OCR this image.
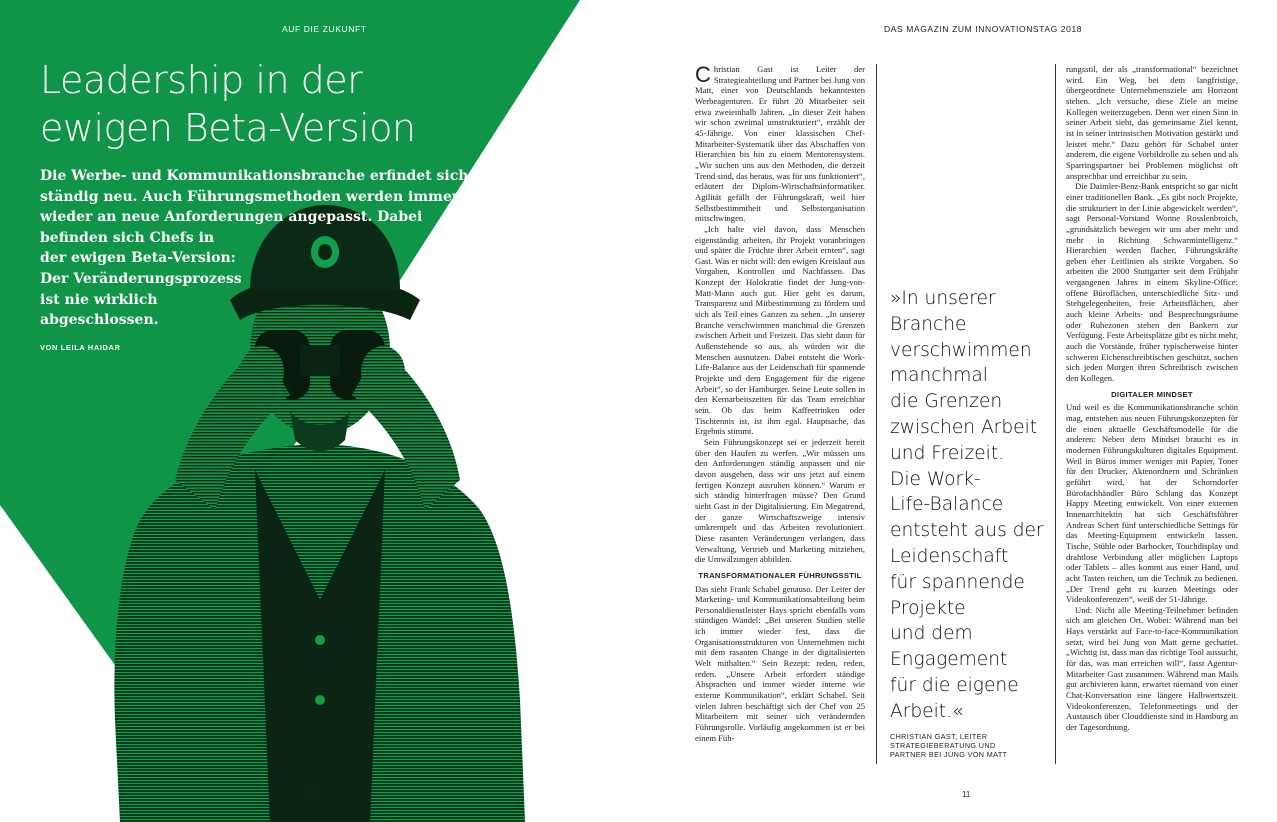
AUF DIE ZUKUNFT
Leadership in der
ewigen Beta-Version
Die Werbe- und Kommunikationsbranche erfindet sich
ständig neu. Auch Führungsmethoden werden immer
wieder an neue Anforderungen angepasst. Dabei
befinden sich Chefs in
der ewigen Beta-Version:
Der Veränderungsprozess
ist nie wirklich
abgeschlossen.
VON LEILA HAIDAR
10
DAS MAGAZIN ZUM INNOVATIONSTAG 2018

Christian Gast ist Leiter der Strategieabteilung und Partner bei Jung von Matt, einer von Deutschlands bekanntesten Werbeagenturen. Er führt 20 Mitarbeiter seit etwa zweieinhalb Jahren. „In dieser Zeit haben wir schon zweimal umstrukturiert“, erzählt der 45-Jährige. Von einer klassischen Chef-Mitarbeiter-Systematik über das Abschaffen von Hierarchien bis hin zu einem Mentorensystem. „Wir suchen uns aus den Methoden, die derzeit Trend sind, das heraus, was für uns funktioniert“, erläutert der Diplom-Wirtschaftsinformatiker. Agilität gefällt der Führungskraft, weil hier Selbstbestimmtheit und Selbstorganisation mitschwingen.

„Ich halte viel davon, dass Menschen eigenständig arbeiten, ihr Projekt voranbringen und später die Früchte ihrer Arbeit ernten“, sagt Gast. Was er nicht will: den ewigen Kreislauf aus Vorgaben, Kontrollen und Nachfassen. Das Konzept der Holokratie findet der Jung-von-Matt-Mann auch gut. Hier geht es darum, Transparenz und Mitbestimmung zu fördern und sich als Teil eines Ganzen zu sehen. „In unserer Branche verschwimmen manchmal die Grenzen zwischen Arbeit und Freizeit. Das sieht dann für Außenstehende so aus, als würden wir die Menschen ausnutzen. Dabei entsteht die Work-Life-Balance aus der Leidenschaft für spannende Projekte und dem Engagement für die eigene Arbeit“, so der Hamburger. Seine Leute sollen in den Kernarbeitszeiten für das Team erreichbar sein. Ob das beim Kaffeetrinken oder Tischtennis ist, ist ihm egal. Hauptsache, das Ergebnis stimmt.

Sein Führungskonzept sei er jederzeit bereit über den Haufen zu werfen. „Wir müssen uns den Anforderungen ständig anpassen und nie davon ausgehen, dass wir uns jetzt auf einem fertigen Konzept ausruhen können.“ Warum er sich ständig hinterfragen müsse? Den Grund sieht Gast in der Digitalisierung. Ein Megatrend, der ganze Wirtschaftszweige intensiv umkrempelt und das Arbeiten revolutioniert. Diese rasanten Veränderungen verlangen, dass Verwaltung, Vertrieb und Marketing mitziehen, die Umwälzungen abbilden.

TRANSFORMATIONALER FÜHRUNGSSTIL

Das sieht Frank Schabel genauso. Der Leiter der Marketing- und Kommunikationsabteilung beim Personaldienstleister Hays spricht ebenfalls vom ständigen Wandel: „Bei unseren Studien stelle ich immer wieder fest, dass die Organisationsstrukturen von Unternehmen nicht mit dem rasanten Change in der digitalisierten Welt mithalten.“ Sein Rezept: reden, reden, reden. „Unsere Arbeit erfordert ständige Absprachen und immer wieder interne wie externe Kommunikation“, erklärt Schabel. Seit vielen Jahren beschäftigt sich der Chef von 25 Mitarbeitern mit seiner sich verändernden Führungsrolle. Vorläufig angekommen ist er bei einem Füh-

»In unserer
Branche
verschwimmen
manchmal
die Grenzen
zwischen Arbeit
und Freizeit.
Die Work-
Life-Balance
entsteht aus der
Leidenschaft
für spannende
Projekte
und dem
Engagement
für die eigene
Arbeit.«
CHRISTIAN GAST, LEITER
STRATEGIEBERATUNG UND
PARTNER BEI JUNG VON MATT

rungsstil, der als „transformational“ bezeichnet wird. Ein Weg, bei dem langfristige, übergeordnete Unternehmensziele am Horizont stehen. „Ich versuche, diese Ziele an meine Kollegen weiterzugeben. Denn wer einen Sinn in seiner Arbeit sieht, das gemeinsame Ziel kennt, ist in seiner intrinsischen Motivation gestärkt und leistet mehr.“ Dazu gehört für Schabel unter anderem, die eigene Vorbildrolle zu sehen und als Sparringspartner bei Problemen möglichst oft ansprechbar und erreichbar zu sein.

Die Daimler-Benz-Bank entspricht so gar nicht einer traditionellen Bank. „Es gibt noch Projekte, die strukturiert in der Linie abgewickelt werden“, sagt Personal-Vorstand Wonne Rosslenbroich, „grundsätzlich bewegen wir uns aber mehr und mehr in Richtung Schwarmintelligenz.“ Hierarchien werden flacher, Führungskräfte geben eher Leitlinien als strikte Vorgaben. So arbeiten die 2000 Stuttgarter seit dem Frühjahr vergangenen Jahres in einem Skyline-Office: offene Büroflächen, unterschiedliche Sitz- und Stehgelegenheiten, freie Arbeitsflächen, aber auch kleine Arbeits- und Besprechungsräume oder Ruhezonen stehen den Bankern zur Verfügung. Feste Arbeitsplätze gibt es nicht mehr, auch die Vorstände, früher typischerweise hinter schweren Eichenschreibtischen geschützt, suchen sich jeden Morgen ihren Schreibtisch zwischen den Kollegen.

DIGITALER MINDSET

Und weil es die Kommunikationsbranche schön mag, entstehen aus neuen Führungskonzepten für die einen aktuelle Geschäftsmodelle für die anderen: Neben dem Mindset braucht es in modernen Führungskulturen digitales Equipment. Weil in Büros immer weniger mit Papier, Toner für den Drucker, Aktenordnern und Schränken geführt wird, hat der Schorndorfer Bürofachhändler Büro Schlang das Konzept Happy Meeting entwickelt. Von einer externen Innenarchitektin hat sich Geschäftsführer Andreas Schert fünf unterschiedliche Settings für das Meeting-Equipment entwickeln lassen. Tische, Stühle oder Barhocker, Touchdisplay und drahtlose Verbindung aller möglichen Laptops oder Tablets – alles kommt aus einer Hand, und acht Tasten reichen, um die Technik zu bedienen. „Der Trend geht zu kurzen Meetings oder Videokonferenzen“, weiß der 51-Jährige.

Und: Nicht alle Meeting-Teilnehmer befinden sich am gleichen Ort. Wobei: Während man bei Hays verstärkt auf Face-to-face-Kommunikation setzt, wird bei Jung von Matt gerne gechattet. „Wichtig ist, dass man das richtige Tool aussucht, für das, was man erreichen will“, fasst Agentur-Mitarbeiter Gast zusammen. Während man Mails gut archivieren kann, erwartet niemand von einer Chat-Konversation eine längere Halbwertszeit. Videokonferenzen, Telefonmeetings und der Austausch über Clouddienste sind in Hamburg an der Tagesordnung.

11
